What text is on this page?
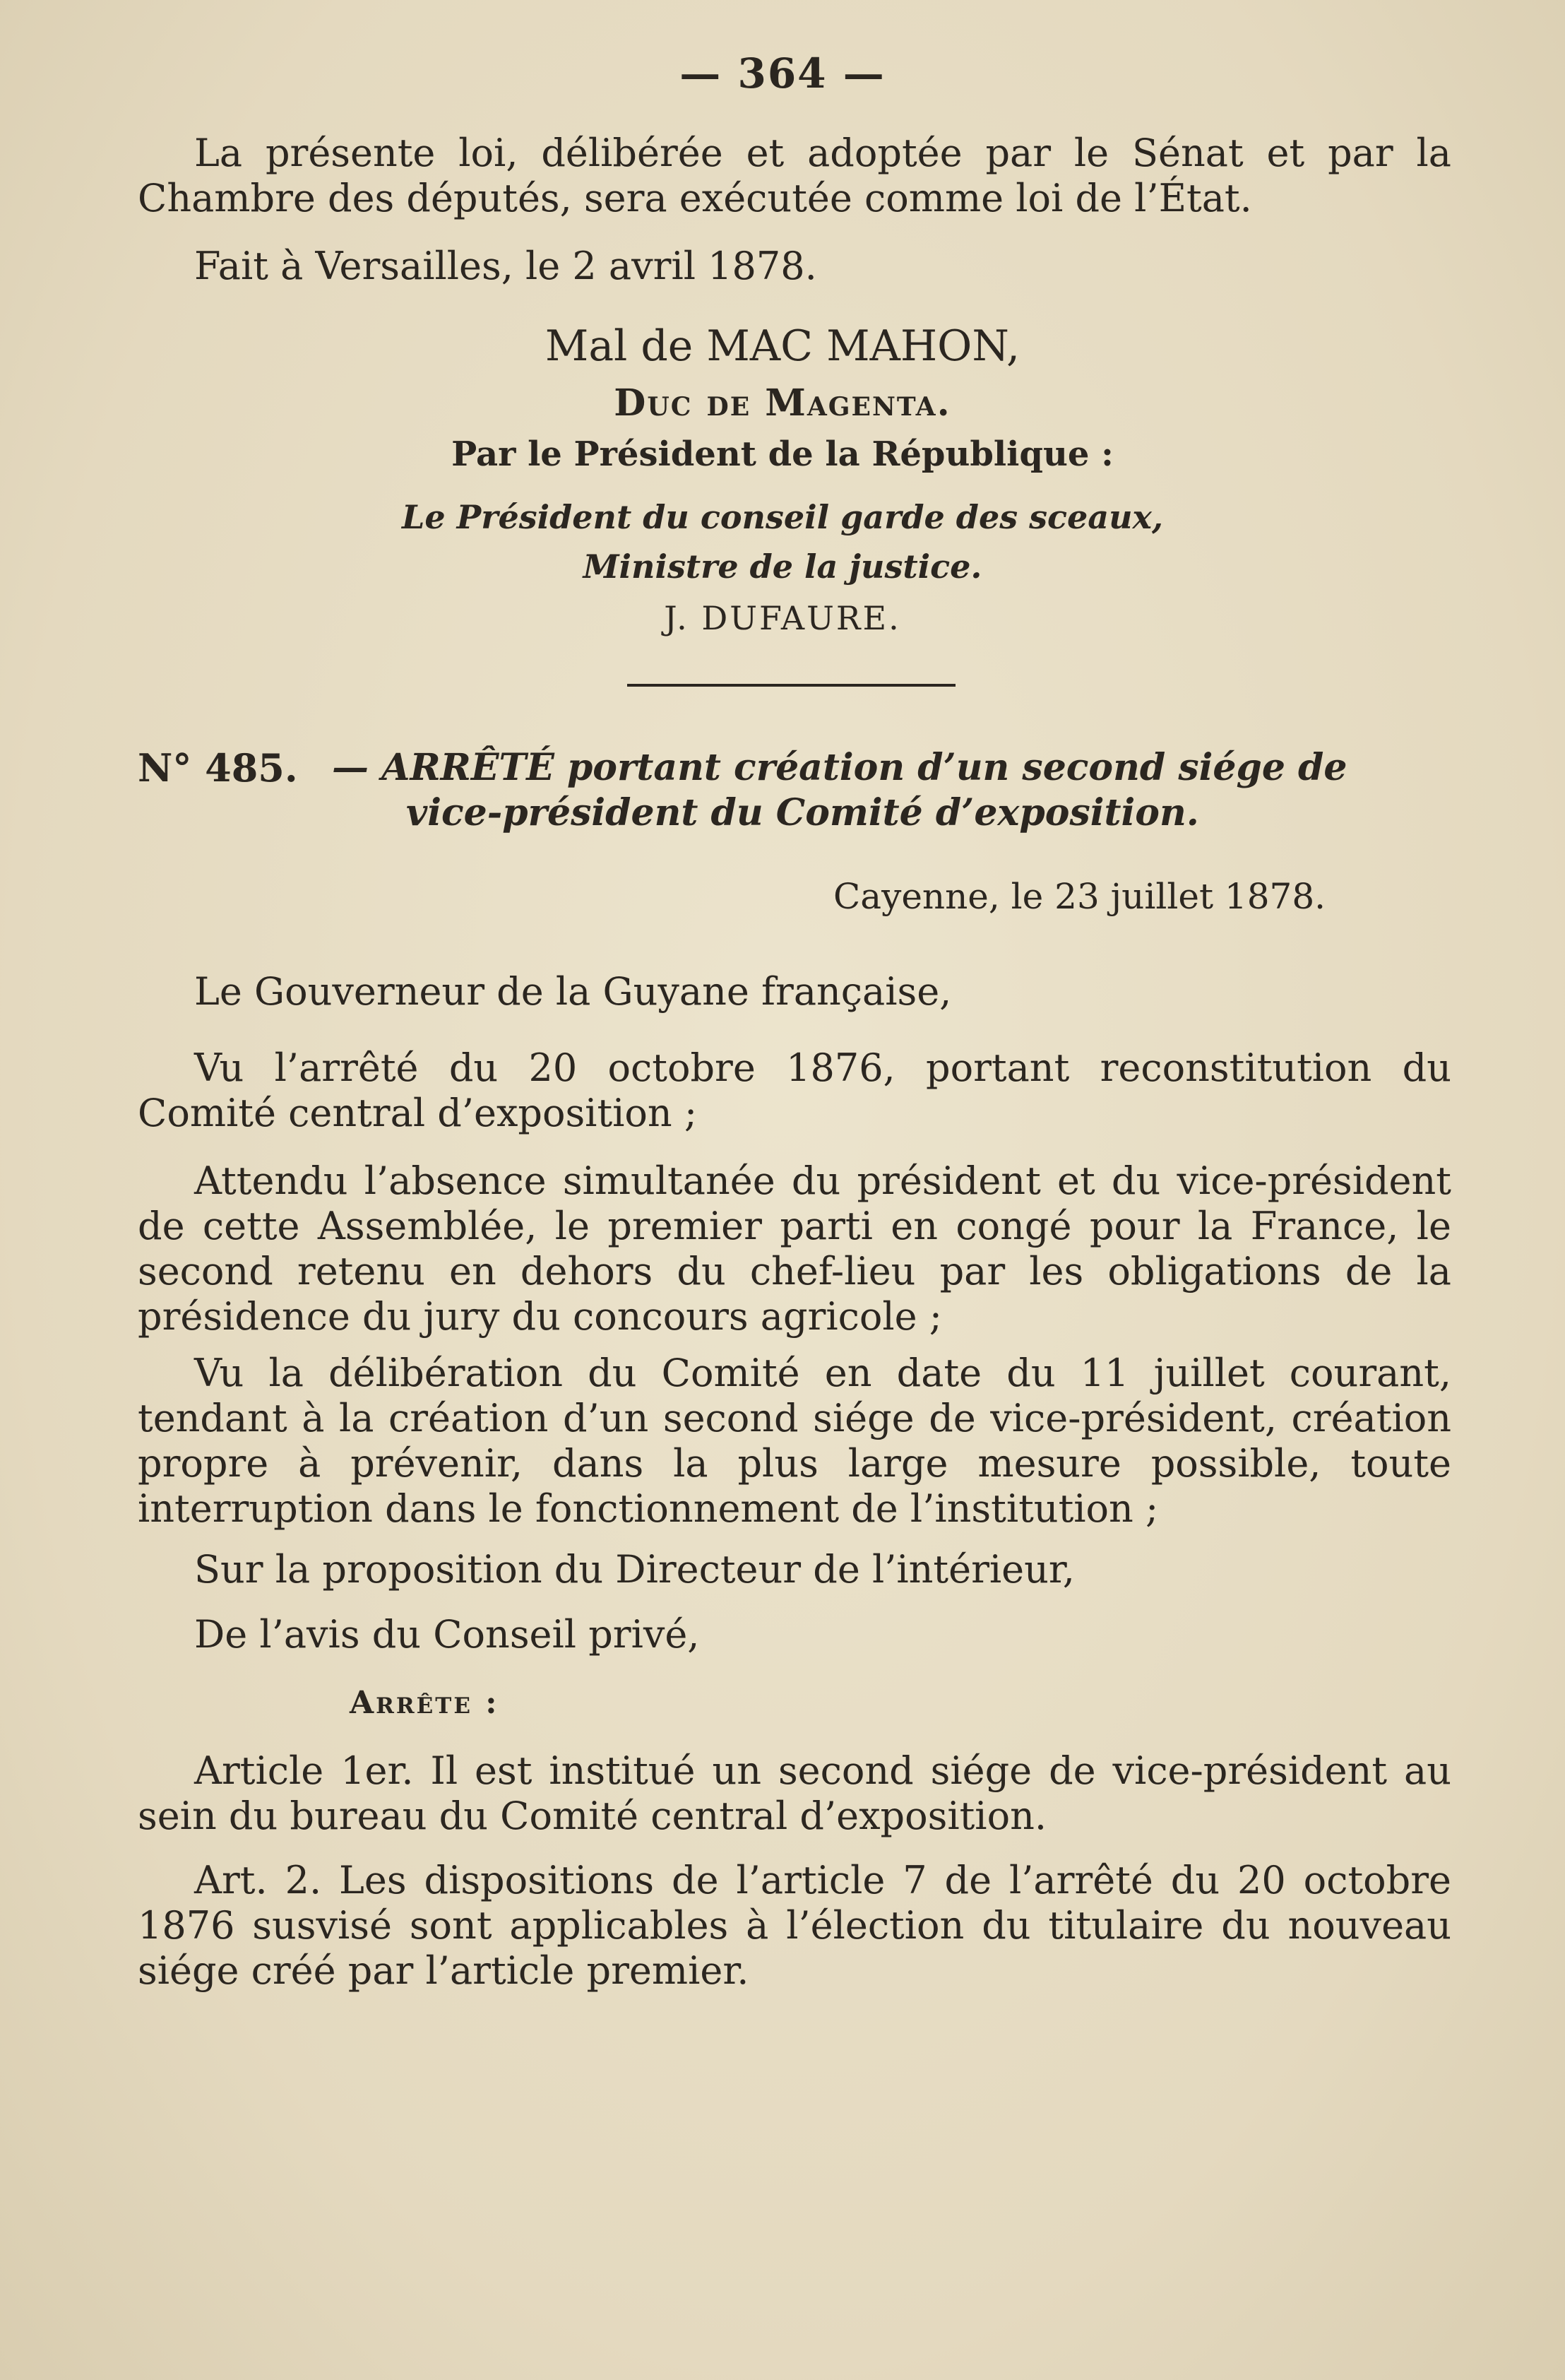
— 364 —
La présente loi, délibérée et adoptée par le Sénat et par la Chambre des députés, sera exécutée comme loi de l’État.
Fait à Versailles, le 2 avril 1878.
Mal de MAC MAHON,
Duc de Magenta.
Par le Président de la République :
Le Président du conseil garde des sceaux,
Ministre de la justice.
J. DUFAURE.
N° 485. — ARRÊTÉ portant création d’un second siége de
vice-président du Comité d’exposition.
Cayenne, le 23 juillet 1878.
Le Gouverneur de la Guyane française,
Vu l’arrêté du 20 octobre 1876, portant reconstitution du Comité central d’exposition ;
Attendu l’absence simultanée du président et du vice-président de cette Assemblée, le premier parti en congé pour la France, le second retenu en dehors du chef-lieu par les obligations de la présidence du jury du concours agricole ;
Vu la délibération du Comité en date du 11 juillet courant, tendant à la création d’un second siége de vice-président, création propre à prévenir, dans la plus large mesure possible, toute interruption dans le fonctionnement de l’institution ;
Sur la proposition du Directeur de l’intérieur,
De l’avis du Conseil privé,
Arrête :
Article 1er. Il est institué un second siége de vice-président au sein du bureau du Comité central d’exposition.
Art. 2. Les dispositions de l’article 7 de l’arrêté du 20 octobre 1876 susvisé sont applicables à l’élection du titulaire du nouveau siége créé par l’article premier.
